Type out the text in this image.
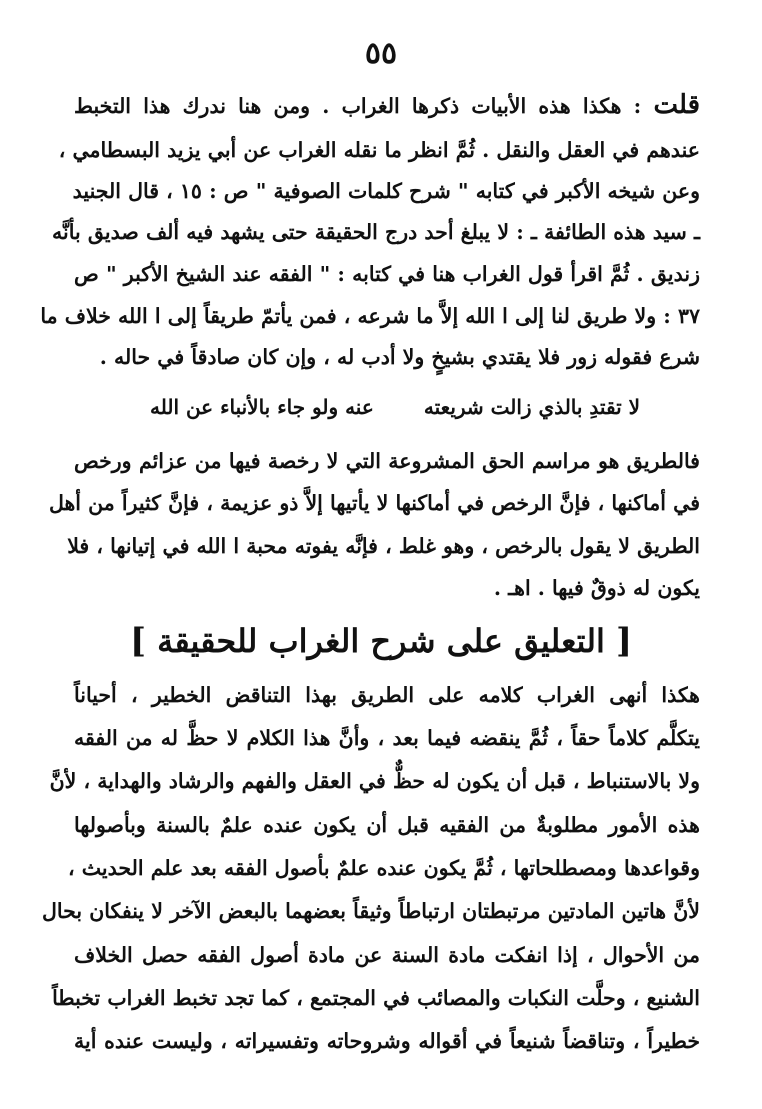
٥٥
قلت : هكذا هذه الأبيات ذكرها الغراب . ومن هنا ندرك هذا التخبط
عندهم في العقل والنقل . ثُمَّ انظر ما نقله الغراب عن أبي يزيد البسطامي ،
وعن شيخه الأكبر في كتابه " شرح كلمات الصوفية " ص : ١٥ ، قال الجنيد
ـ سيد هذه الطائفة ـ : لا يبلغ أحد درج الحقيقة حتى يشهد فيه ألف صديق بأنَّه
زنديق . ثُمَّ اقرأ قول الغراب هنا في كتابه : " الفقه عند الشيخ الأكبر " ص
٣٧ : ولا طريق لنا إلى ا الله إلاَّ ما شرعه ، فمن يأتمّ طريقاً إلى ا الله خلاف ما
شرع فقوله زور فلا يقتدي بشيخٍ ولا أدب له ، وإن كان صادقاً في حاله .
لا تقتدِ بالذي زالت شريعته
عنه ولو جاء بالأنباء عن الله
فالطريق هو مراسم الحق المشروعة التي لا رخصة فيها من عزائم ورخص
في أماكنها ، فإنَّ الرخص في أماكنها لا يأتيها إلاَّ ذو عزيمة ، فإنَّ كثيراً من أهل
الطريق لا يقول بالرخص ، وهو غلط ، فإنَّه يفوته محبة ا الله في إتيانها ، فلا
يكون له ذوقٌ فيها . اهـ .
[ التعليق على شرح الغراب للحقيقة ]
هكذا أنهى الغراب كلامه على الطريق بهذا التناقض الخطير ، أحياناً
يتكلَّم كلاماً حقاً ، ثُمَّ ينقضه فيما بعد ، وأنَّ هذا الكلام لا حظَّ له من الفقه
ولا بالاستنباط ، قبل أن يكون له حظٌّ في العقل والفهم والرشاد والهداية ، لأنَّ
هذه الأمور مطلوبةٌ من الفقيه قبل أن يكون عنده علمٌ بالسنة وبأصولها
وقواعدها ومصطلحاتها ، ثُمَّ يكون عنده علمٌ بأصول الفقه بعد علم الحديث ،
لأنَّ هاتين المادتين مرتبطتان ارتباطاً وثيقاً بعضهما بالبعض الآخر لا ينفكان بحال
من الأحوال ، إذا انفكت مادة السنة عن مادة أصول الفقه حصل الخلاف
الشنيع ، وحلَّت النكبات والمصائب في المجتمع ، كما تجد تخبط الغراب تخبطاً
خطيراً ، وتناقضاً شنيعاً في أقواله وشروحاته وتفسيراته ، وليست عنده أية
